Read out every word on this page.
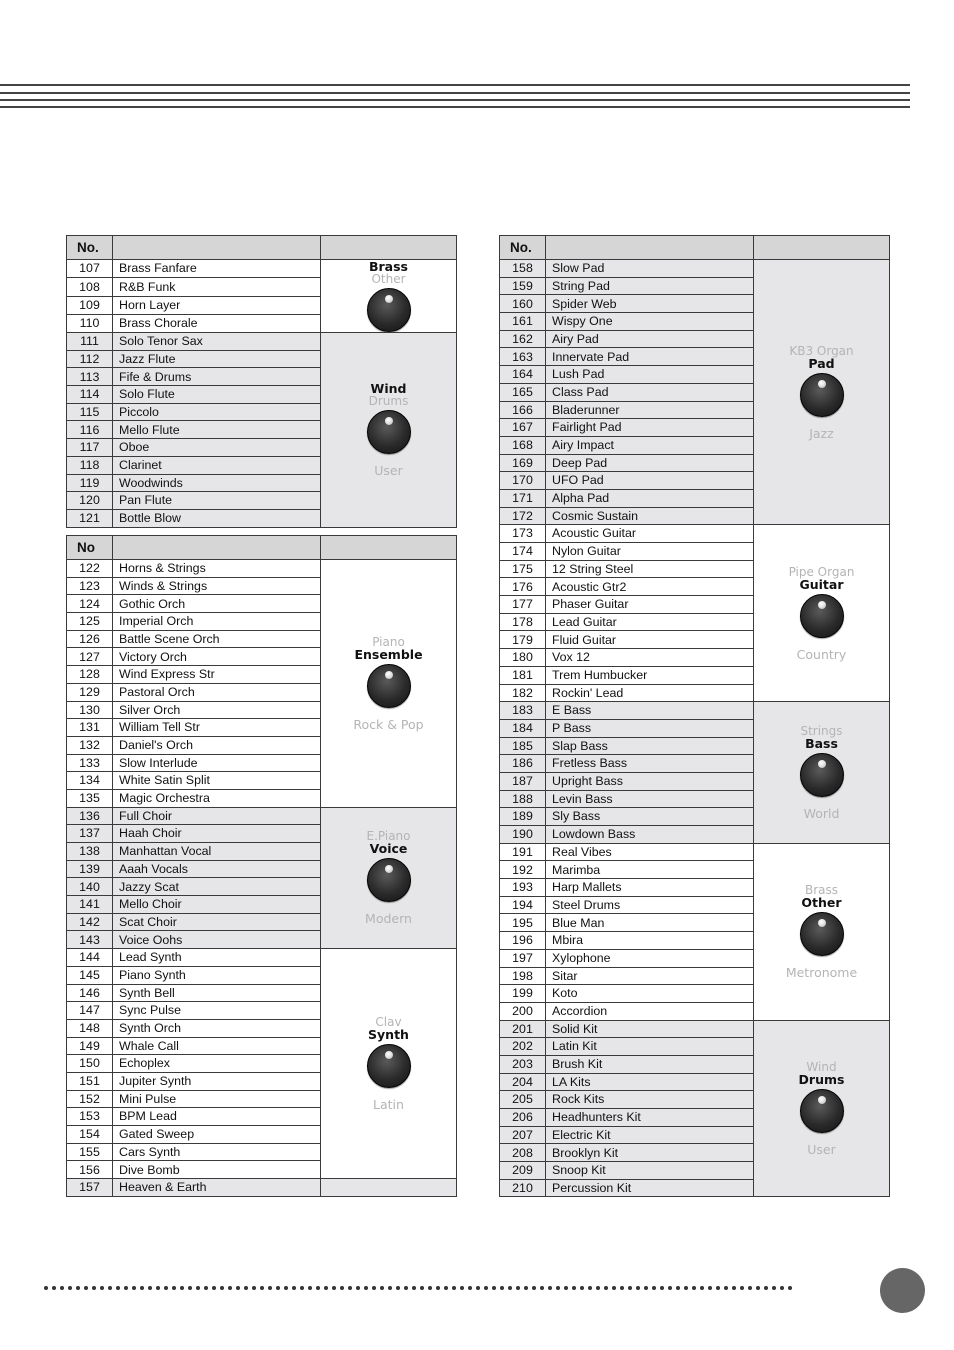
No.		
107	Brass Fanfare	Brass
Other

108	R&B Funk	
109	Horn Layer	
110	Brass Chorale	
111	Solo Tenor Sax	Wind
Drums
User

112	Jazz Flute	
113	Fife & Drums	
114	Solo Flute	
115	Piccolo	
116	Mello Flute	
117	Oboe	
118	Clarinet	
119	Woodwinds	
120	Pan Flute	
121	Bottle Blow	
No		
122	Horns & Strings	Piano
Ensemble
Rock & Pop

123	Winds & Strings	
124	Gothic Orch	
125	Imperial Orch	
126	Battle Scene Orch	
127	Victory Orch	
128	Wind Express Str	
129	Pastoral Orch	
130	Silver Orch	
131	William Tell Str	
132	Daniel's Orch	
133	Slow Interlude	
134	White Satin Split	
135	Magic Orchestra	
136	Full Choir	E.Piano
Voice
Modern

137	Haah Choir	
138	Manhattan Vocal	
139	Aaah Vocals	
140	Jazzy Scat	
141	Mello Choir	
142	Scat Choir	
143	Voice Oohs	
144	Lead Synth	Clav
Synth
Latin

145	Piano Synth	
146	Synth Bell	
147	Sync Pulse	
148	Synth Orch	
149	Whale Call	
150	Echoplex	
151	Jupiter Synth	
152	Mini Pulse	
153	BPM Lead	
154	Gated Sweep	
155	Cars Synth	
156	Dive Bomb	
157	Heaven & Earth	
No.		
158	Slow Pad	KB3 Organ
Pad
Jazz

159	String Pad	
160	Spider Web	
161	Wispy One	
162	Airy Pad	
163	Innervate Pad	
164	Lush Pad	
165	Class Pad	
166	Bladerunner	
167	Fairlight Pad	
168	Airy Impact	
169	Deep Pad	
170	UFO Pad	
171	Alpha Pad	
172	Cosmic Sustain	
173	Acoustic Guitar	Pipe Organ
Guitar
Country

174	Nylon Guitar	
175	12 String Steel	
176	Acoustic Gtr2	
177	Phaser Guitar	
178	Lead Guitar	
179	Fluid Guitar	
180	Vox 12	
181	Trem Humbucker	
182	Rockin' Lead	
183	E Bass	Strings
Bass
World

184	P Bass	
185	Slap Bass	
186	Fretless Bass	
187	Upright Bass	
188	Levin Bass	
189	Sly Bass	
190	Lowdown Bass	
191	Real Vibes	Brass
Other
Metronome

192	Marimba	
193	Harp Mallets	
194	Steel Drums	
195	Blue Man	
196	Mbira	
197	Xylophone	
198	Sitar	
199	Koto	
200	Accordion	
201	Solid Kit	Wind
Drums
User

202	Latin Kit	
203	Brush Kit	
204	LA Kits	
205	Rock Kits	
206	Headhunters Kit	
207	Electric Kit	
208	Brooklyn Kit	
209	Snoop Kit	
210	Percussion Kit	
